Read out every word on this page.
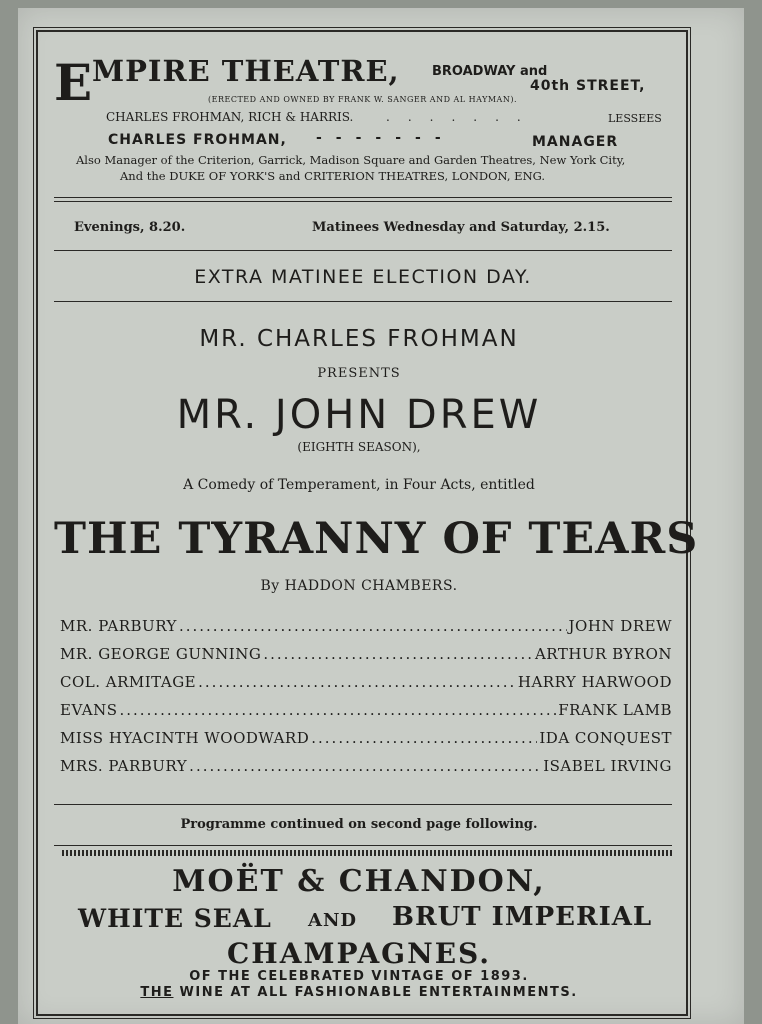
E MPIRE THEATRE, BROADWAY and
40th STREET,
(ERECTED AND OWNED BY FRANK W. SANGER AND AL HAYMAN).
CHARLES FROHMAN, RICH & HARRIS.	.......	LESSEES
CHARLES FROHMAN, -------	MANAGER
Also Manager of the Criterion, Garrick, Madison Square and Garden Theatres, New York City,
And the DUKE OF YORK'S and CRITERION THEATRES, LONDON, ENG.
Evenings, 8.20.	Matinees Wednesday and Saturday, 2.15.
EXTRA MATINEE ELECTION DAY.
MR. CHARLES FROHMAN
PRESENTS
MR. JOHN DREW
(EIGHTH SEASON),
A Comedy of Temperament, in Four Acts, entitled
THE TYRANNY OF TEARS
By HADDON CHAMBERS.
MR. PARBURY .....	JOHN DREW
MR. GEORGE GUNNING .....	ARTHUR BYRON
COL. ARMITAGE .....	HARRY HARWOOD
EVANS .....	FRANK LAMB
MISS HYACINTH WOODWARD .....	IDA CONQUEST
MRS. PARBURY .....	ISABEL IRVING
Programme continued on second page following.
MOËT & CHANDON,
WHITE SEAL AND BRUT IMPERIAL
CHAMPAGNES.
OF THE CELEBRATED VINTAGE OF 1893.
THE WINE AT ALL FASHIONABLE ENTERTAINMENTS.
